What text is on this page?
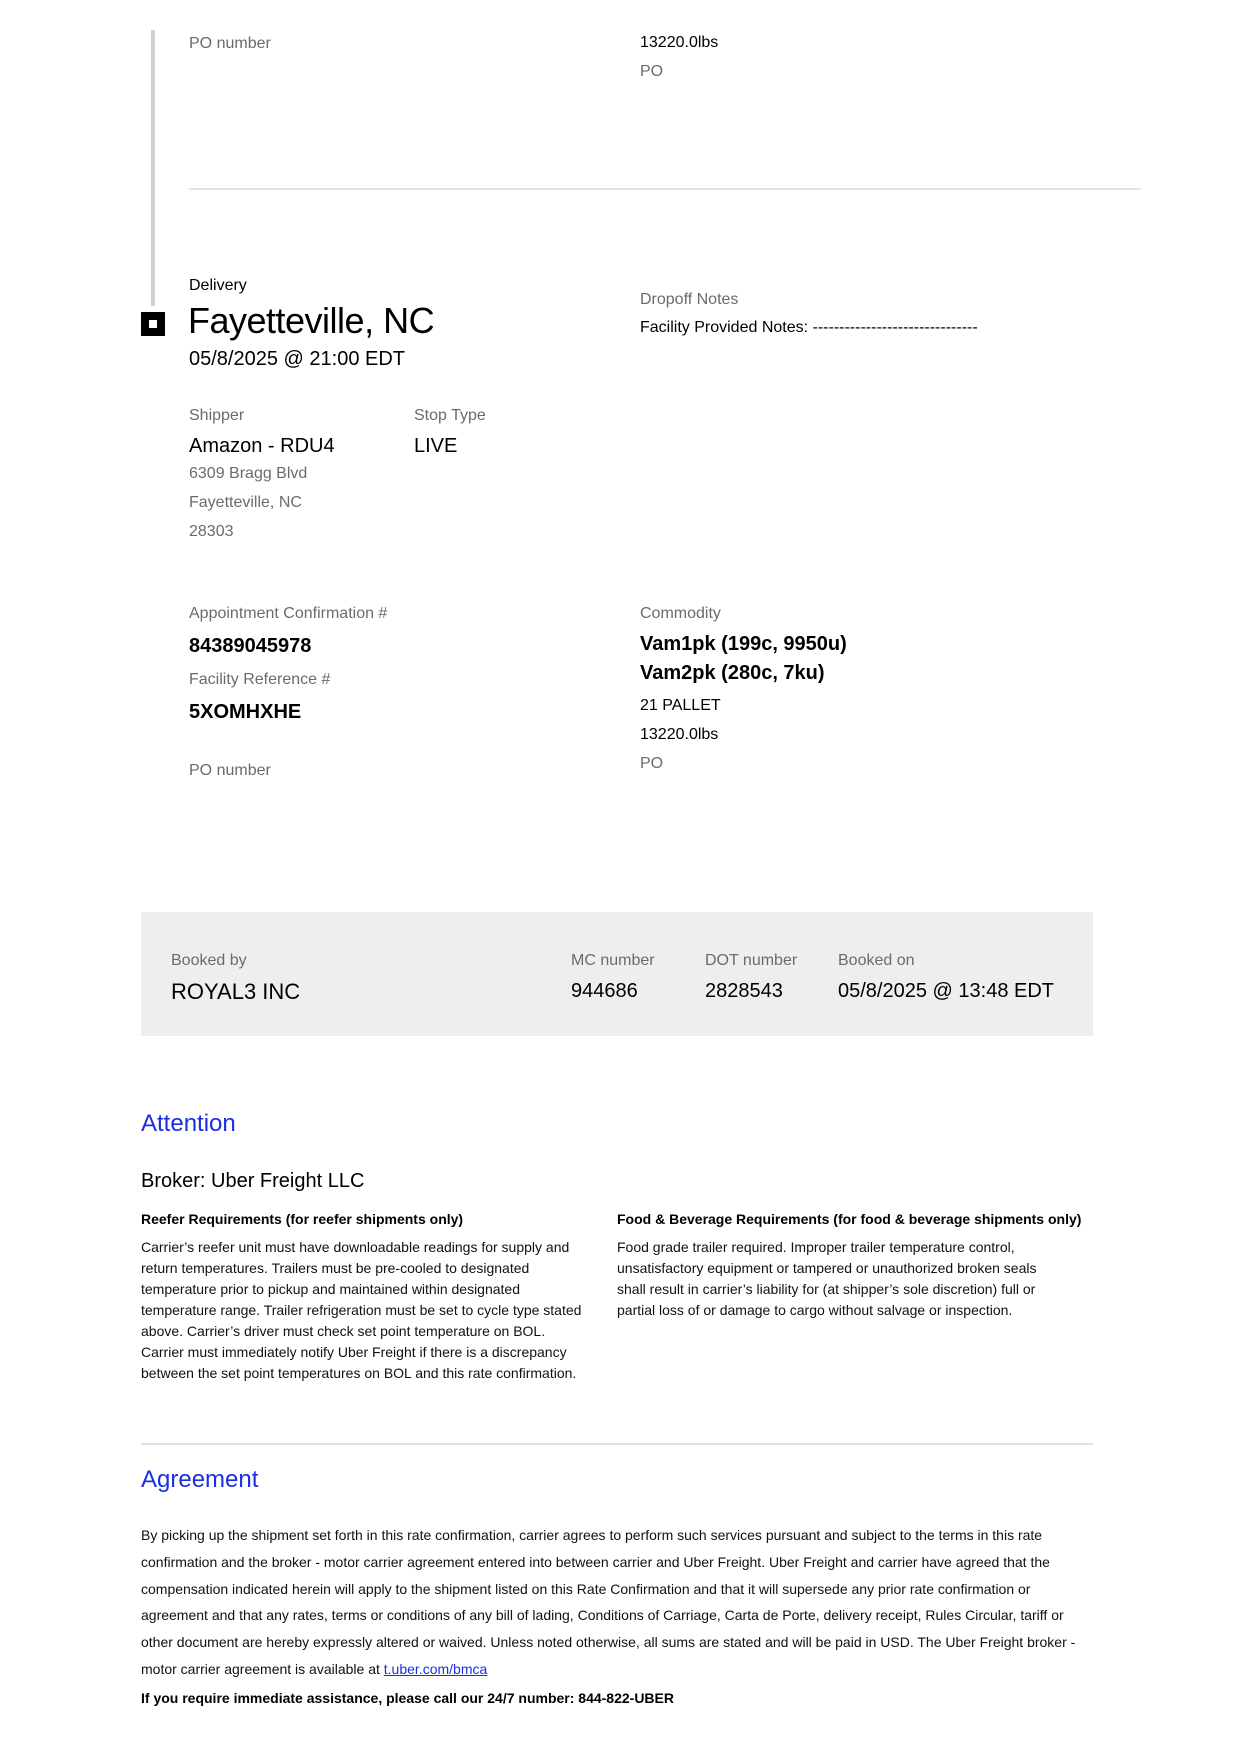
PO number	13220.0lbs
PO
Delivery
Fayetteville, NC
05/8/2025 @ 21:00 EDT
Dropoff Notes
Facility Provided Notes: -------------------------------
Shipper
Amazon - RDU4
6309 Bragg Blvd
Fayetteville, NC
28303
Stop Type
LIVE
Appointment Confirmation #
84389045978
Facility Reference #
5XOMHXHE
PO number
Commodity
Vam1pk (199c, 9950u)
Vam2pk (280c, 7ku)
21 PALLET
13220.0lbs
PO
Booked by
ROYAL3 INC
MC number
944686
DOT number
2828543
Booked on
05/8/2025 @ 13:48 EDT
Attention
Broker: Uber Freight LLC
Reefer Requirements (for reefer shipments only)

Carrier’s reefer unit must have downloadable readings for supply and return temperatures. Trailers must be pre-cooled to designated temperature prior to pickup and maintained within designated temperature range. Trailer refrigeration must be set to cycle type stated above. Carrier’s driver must check set point temperature on BOL. Carrier must immediately notify Uber Freight if there is a discrepancy between the set point temperatures on BOL and this rate confirmation.

Food & Beverage Requirements (for food & beverage shipments only)

Food grade trailer required. Improper trailer temperature control, unsatisfactory equipment or tampered or unauthorized broken seals shall result in carrier’s liability for (at shipper’s sole discretion) full or partial loss of or damage to cargo without salvage or inspection.

Agreement

By picking up the shipment set forth in this rate confirmation, carrier agrees to perform such services pursuant and subject to the terms in this rate confirmation and the broker - motor carrier agreement entered into between carrier and Uber Freight. Uber Freight and carrier have agreed that the compensation indicated herein will apply to the shipment listed on this Rate Confirmation and that it will supersede any prior rate confirmation or agreement and that any rates, terms or conditions of any bill of lading, Conditions of Carriage, Carta de Porte, delivery receipt, Rules Circular, tariff or other document are hereby expressly altered or waived. Unless noted otherwise, all sums are stated and will be paid in USD. The Uber Freight broker - motor carrier agreement is available at t.uber.com/bmca

If you require immediate assistance, please call our 24/7 number: 844-822-UBER
